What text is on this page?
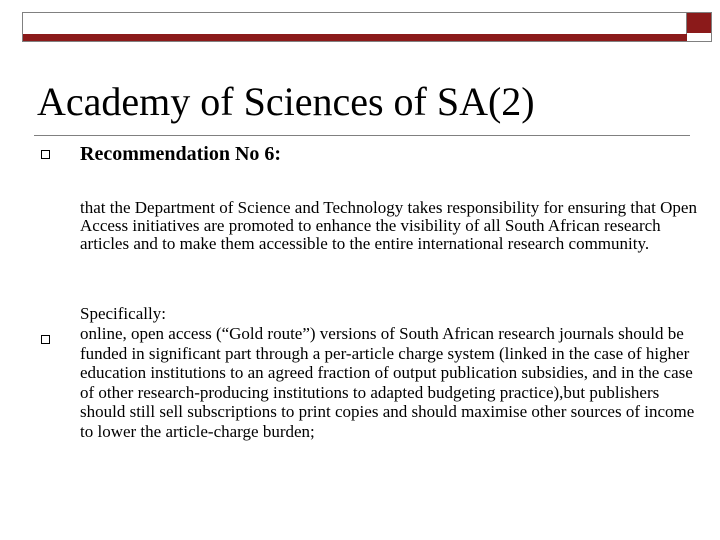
Academy of Sciences of SA(2)
Recommendation No 6:
that the Department of Science and Technology takes responsibility for ensuring that Open Access initiatives are promoted to enhance the visibility of all South African research articles and to make them accessible to the entire international research community.
Specifically:
online, open access (“Gold route”) versions of South African research journals should be funded in significant part through a per-article charge system (linked in the case of higher education institutions to an agreed fraction of output publication subsidies, and in the case of other research-producing institutions to adapted budgeting practice),but publishers should still sell subscriptions to print copies and should maximise other sources of income to lower the article-charge burden;
